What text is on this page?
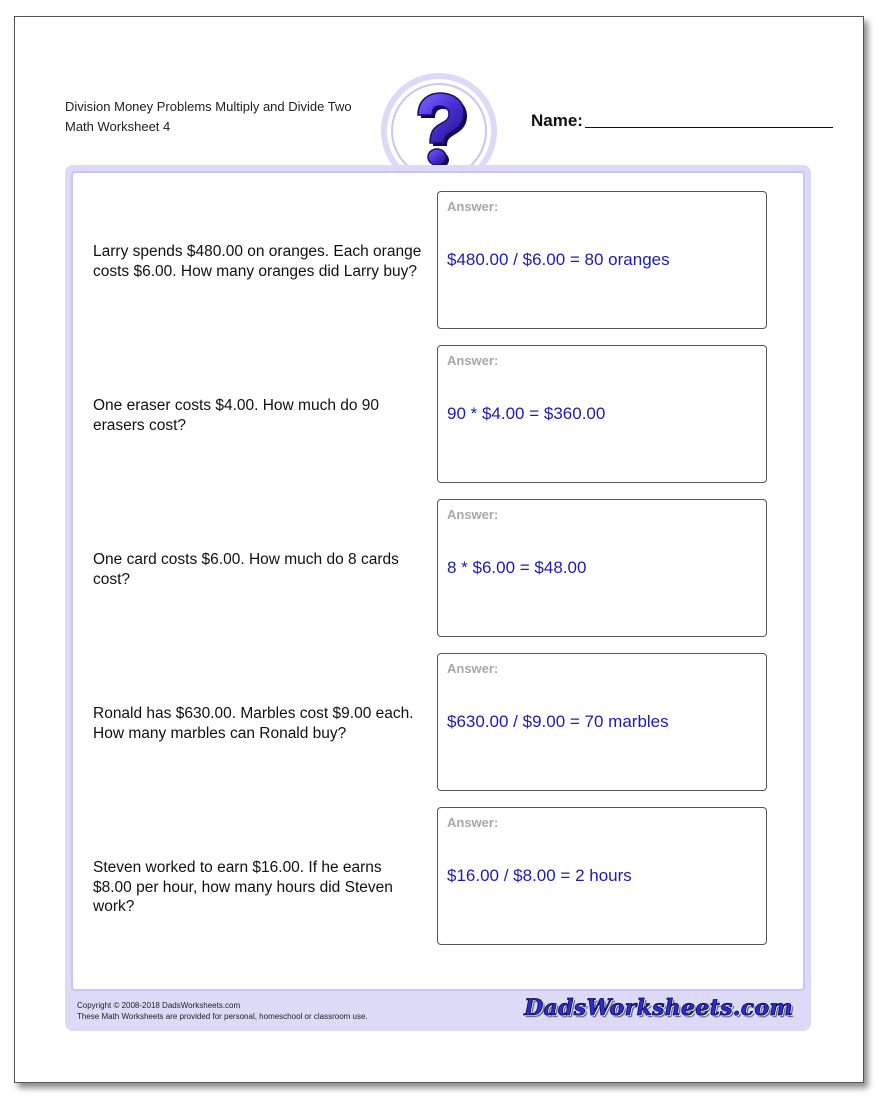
Division Money Problems Multiply and Divide Two
Math Worksheet 4	Name:
Larry spends $480.00 on oranges. Each orange costs $6.00. How many oranges did Larry buy?
Answer:
$480.00 / $6.00 = 80 oranges
One eraser costs $4.00. How much do 90 erasers cost?
Answer:
90 * $4.00 = $360.00
One card costs $6.00. How much do 8 cards cost?
Answer:
8 * $6.00 = $48.00
Ronald has $630.00. Marbles cost $9.00 each. How many marbles can Ronald buy?
Answer:
$630.00 / $9.00 = 70 marbles
Steven worked to earn $16.00. If he earns $8.00 per hour, how many hours did Steven work?
Answer:
$16.00 / $8.00 = 2 hours
Copyright © 2008-2018 DadsWorksheets.com
These Math Worksheets are provided for personal, homeschool or classroom use.	DadsWorksheets.com
